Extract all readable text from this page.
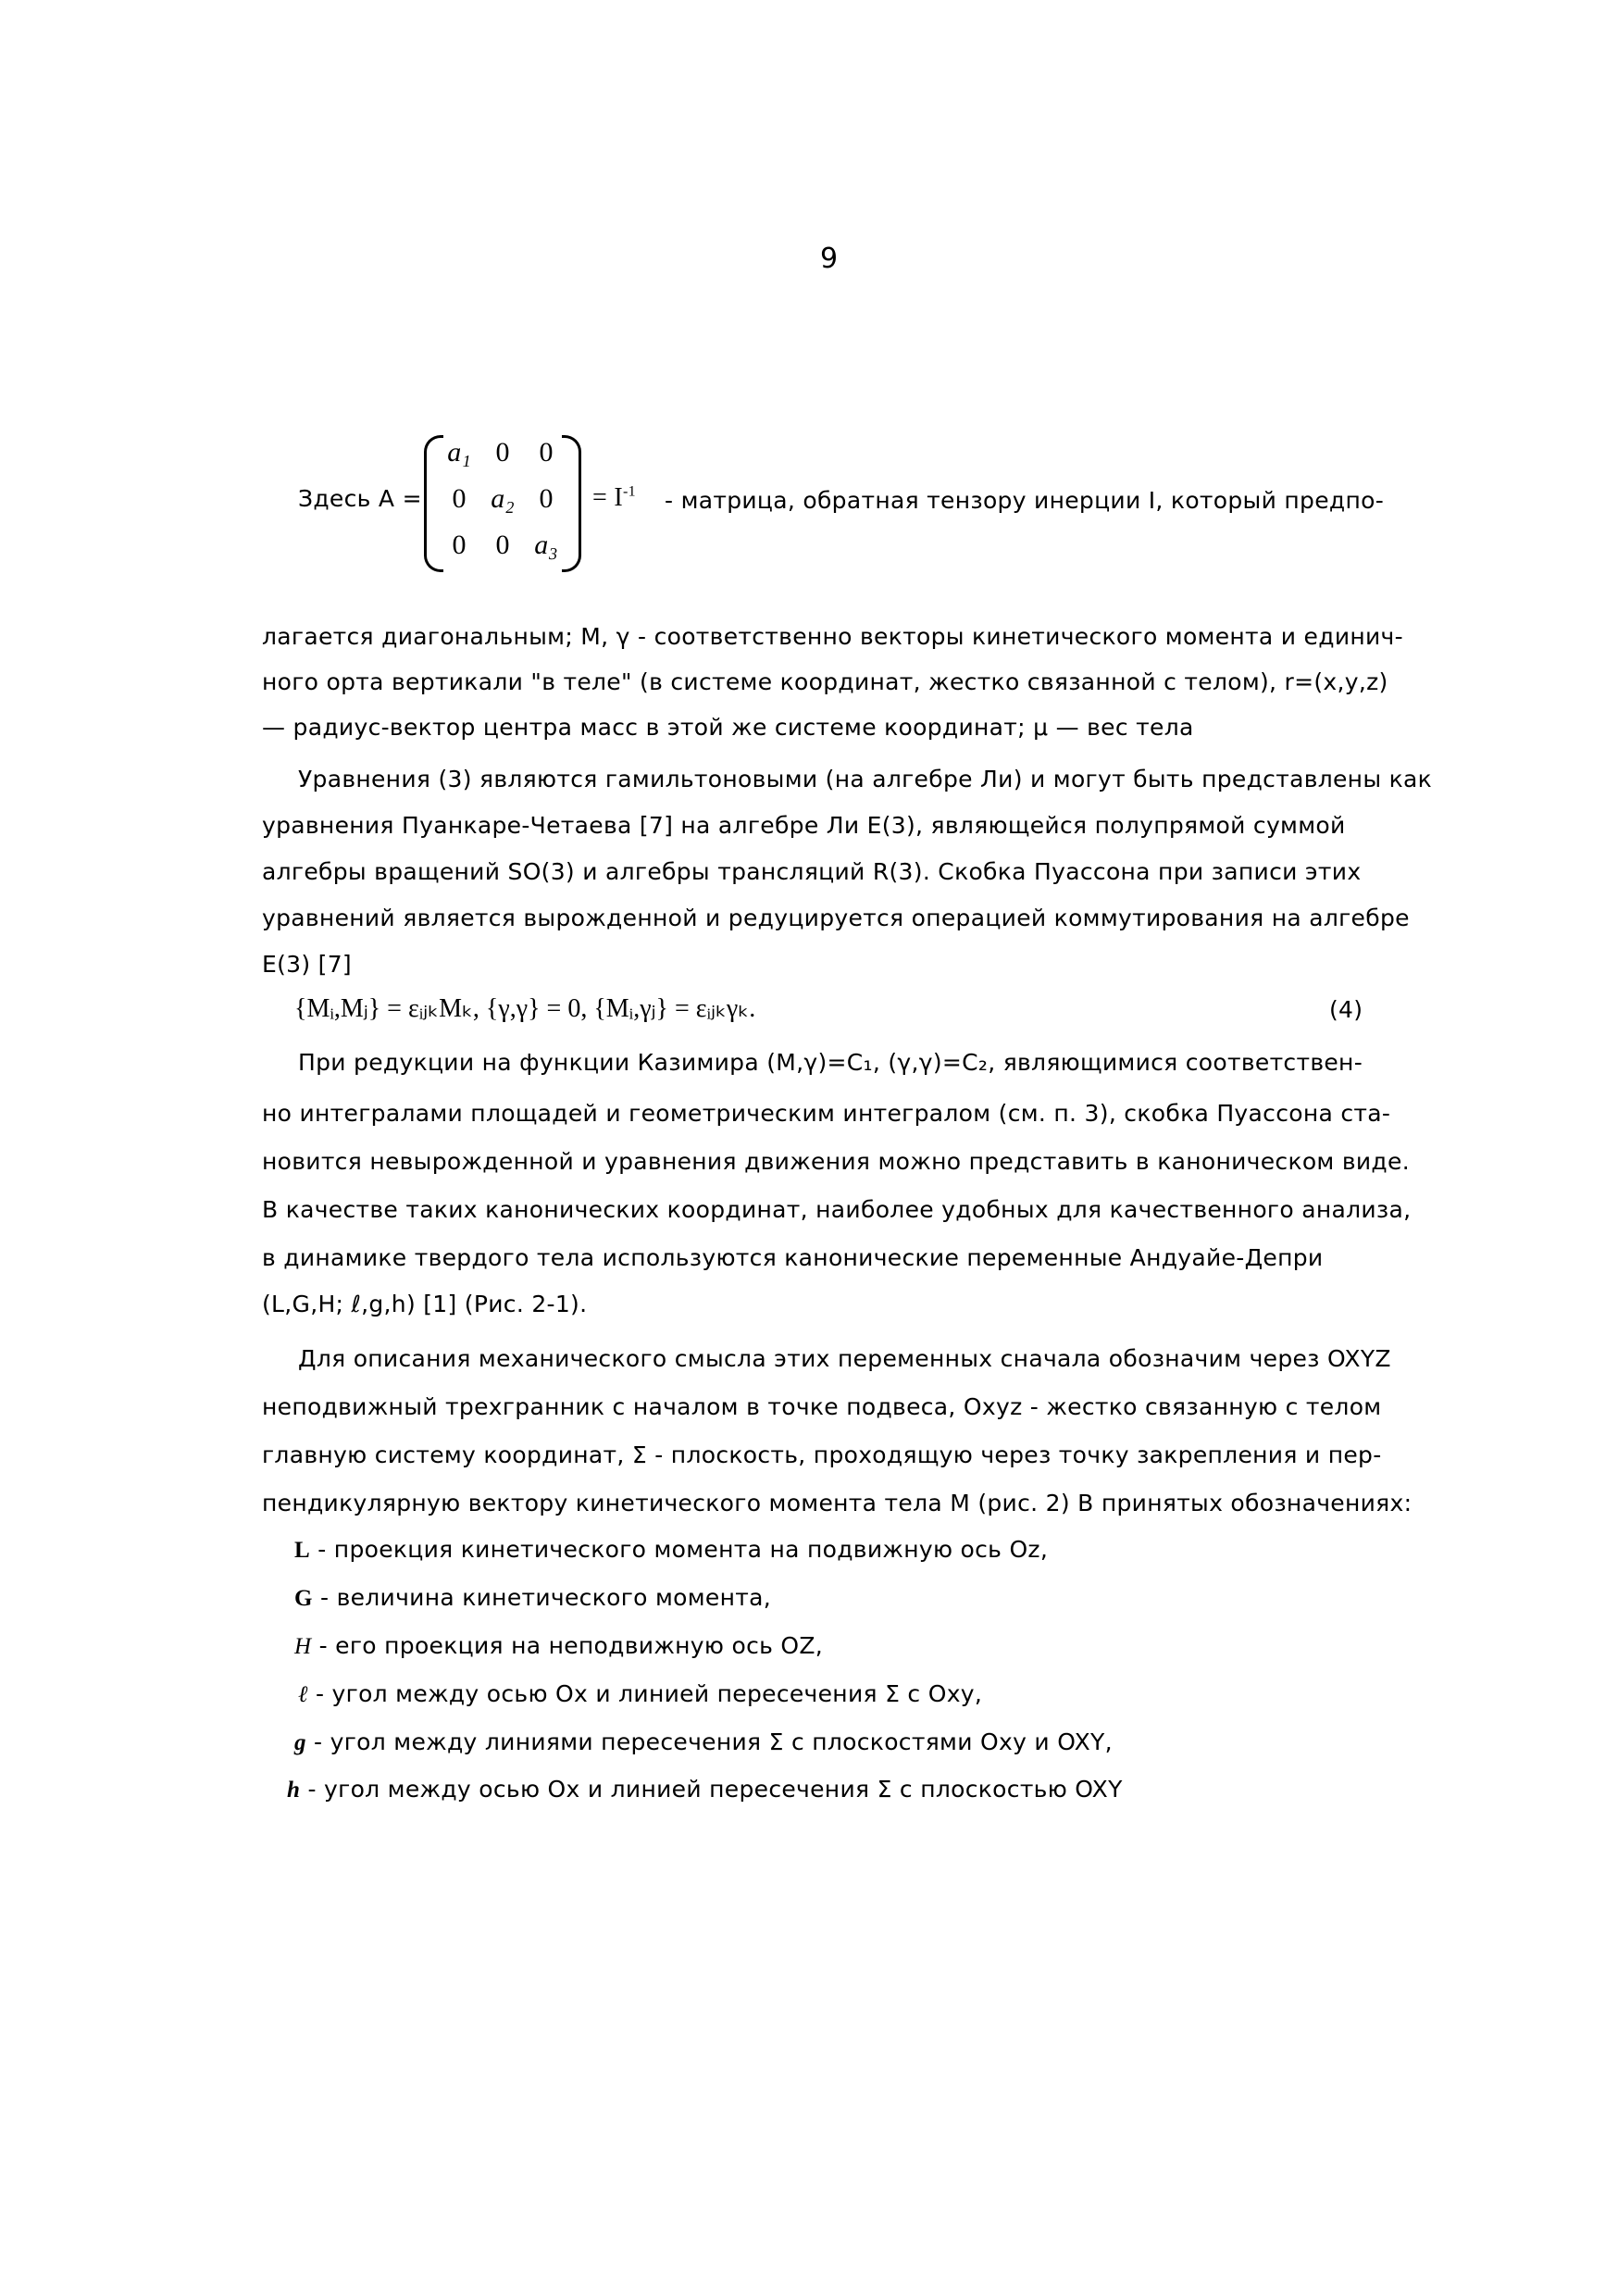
9
Здесь A =
a₁ 0	0
0 a₂ 0
0	0 a₃
= $I^{-1}$ - матрица, обратная тензору инерции I, который предпо-
лагается диагональным; M, γ - соответственно векторы кинетического момента и единич-
ного орта вертикали "в теле" (в системе координат, жестко связанной с телом), r=(x,y,z)
— радиус-вектор центра масс в этой же системе координат; μ — вес тела
Уравнения (3) являются гамильтоновыми (на алгебре Ли) и могут быть представлены как
уравнения Пуанкаре-Четаева [7] на алгебре Ли E(3), являющейся полупрямой суммой
алгебры вращений SO(3) и алгебры трансляций R(3). Скобка Пуассона при записи этих
уравнений является вырожденной и редуцируется операцией коммутирования на алгебре
E(3) [7]
{Mᵢ,Mⱼ} = εᵢⱼₖMₖ, {γ,γ} = 0, {Mᵢ,γⱼ} = εᵢⱼₖγₖ.	(4)
При редукции на функции Казимира (M,γ)=C₁, (γ,γ)=C₂, являющимися соответствен-
но интегралами площадей и геометрическим интегралом (см. п. 3), скобка Пуассона ста-
новится невырожденной и уравнения движения можно представить в каноническом виде.
В качестве таких канонических координат, наиболее удобных для качественного анализа,
в динамике твердого тела используются канонические переменные Андуайе-Депри
(L,G,H; ℓ,g,h) [1] (Рис. 2-1).
Для описания механического смысла этих переменных сначала обозначим через OXYZ
неподвижный трехгранник с началом в точке подвеса, Oxyz - жестко связанную с телом
главную систему координат, Σ - плоскость, проходящую через точку закрепления и пер-
пендикулярную вектору кинетического момента тела M (рис. 2) В принятых обозначениях:
L - проекция кинетического момента на подвижную ось Oz,
G - величина кинетического момента,
H - его проекция на неподвижную ось OZ,
ℓ - угол между осью Ox и линией пересечения Σ с Oxy,
g - угол между линиями пересечения Σ с плоскостями Oxy и OXY,
h - угол между осью Ox и линией пересечения Σ с плоскостью OXY
